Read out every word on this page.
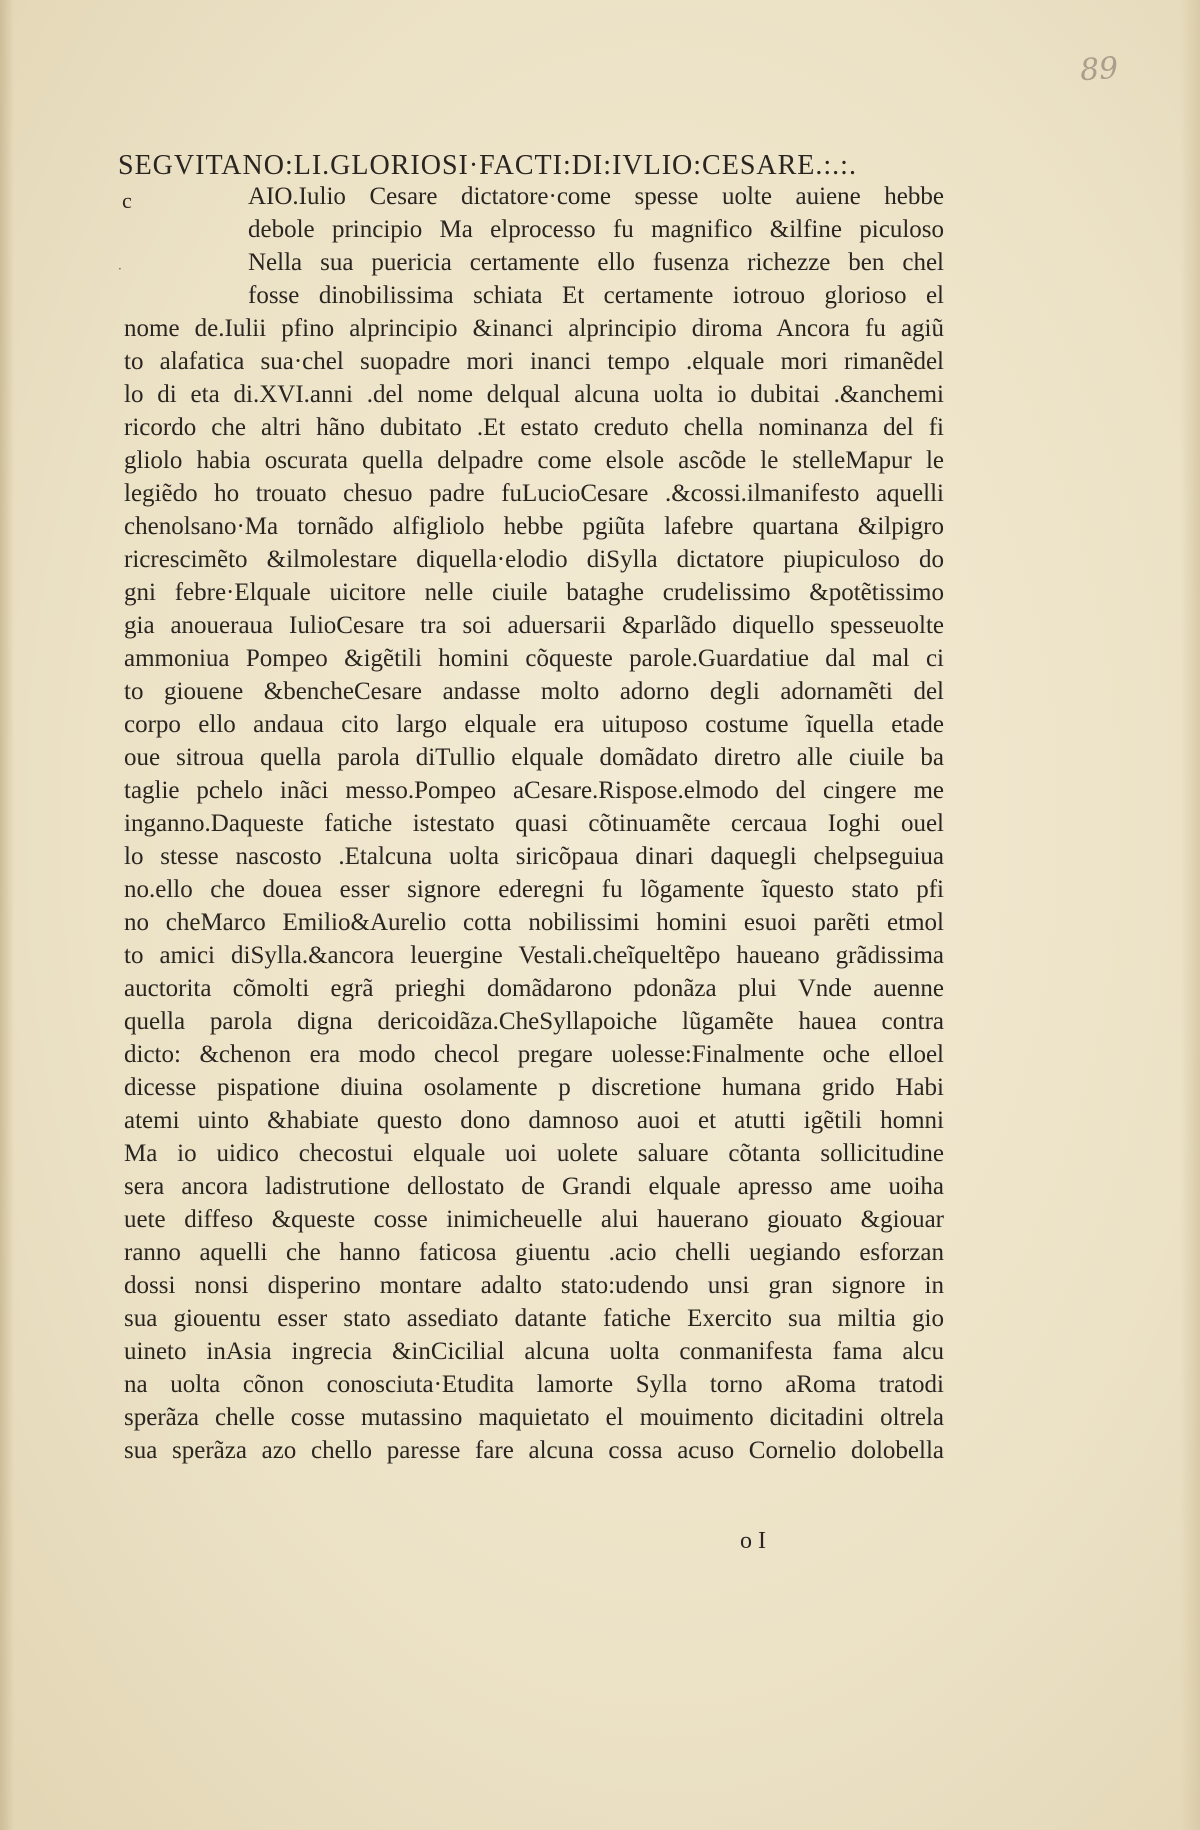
89
SEGVITANO:LI.GLORIOSI·FACTI:DI:IVLIO:CESARE.:.:.
c
·
AIO.Iulio Cesare dictatore·come spesse uolte auiene hebbe
debole principio Ma elprocesso fu magnifico &ilfine piculoso
Nella sua puericia certamente ello fusenza richezze ben chel
fosse dinobilissima schiata Et certamente iotrouo glorioso el
nome de.Iulii pfino alprincipio &inanci alprincipio diroma Ancora fu agiũ
to alafatica sua·chel suopadre mori inanci tempo .elquale mori rimanẽdel
lo di eta di.XVI.anni .del nome delqual alcuna uolta io dubitai .&anchemi
ricordo che altri hãno dubitato .Et estato creduto chella nominanza del fi
gliolo habia oscurata quella delpadre come elsole ascõde le stelleMapur le
legiẽdo ho trouato chesuo padre fuLucioCesare .&cossi.ilmanifesto aquelli
chenolsano·Ma tornãdo alfigliolo hebbe pgiũta lafebre quartana &ilpigro
ricrescimẽto &ilmolestare diquella·elodio diSylla dictatore piupiculoso do
gni febre·Elquale uicitore nelle ciuile bataghe crudelissimo &potẽtissimo
gia anoueraua IulioCesare tra soi aduersarii &parlãdo diquello spesseuolte
ammoniua Pompeo &igẽtili homini cõqueste parole.Guardatiue dal mal ci
to giouene &bencheCesare andasse molto adorno degli adornamẽti del
corpo ello andaua cito largo elquale era uituposo costume ĩquella etade
oue sitroua quella parola diTullio elquale domãdato diretro alle ciuile ba
taglie pchelo inãci messo.Pompeo aCesare.Rispose.elmodo del cingere me
inganno.Daqueste fatiche istestato quasi cõtinuamẽte cercaua Ioghi ouel
lo stesse nascosto .Etalcuna uolta siricõpaua dinari daquegli chelpseguiua
no.ello che douea esser signore ederegni fu lõgamente ĩquesto stato pfi
no cheMarco Emilio&Aurelio cotta nobilissimi homini esuoi parẽti etmol
to amici diSylla.&ancora leuergine Vestali.cheĩqueltẽpo haueano grãdissima
auctorita cõmolti egrã prieghi domãdarono pdonãza plui Vnde auenne
quella parola digna dericoidãza.CheSyllapoiche lũgamẽte hauea contra
dicto: &chenon era modo checol pregare uolesse:Finalmente oche elloel
dicesse pispatione diuina osolamente p discretione humana grido Habi
atemi uinto &habiate questo dono damnoso auoi et atutti igẽtili homni
Ma io uidico checostui elquale uoi uolete saluare cõtanta sollicitudine
sera ancora ladistrutione dellostato de Grandi elquale apresso ame uoiha
uete diffeso &queste cosse inimicheuelle alui hauerano giouato &giouar
ranno aquelli che hanno faticosa giuentu .acio chelli uegiando esforzan
dossi nonsi disperino montare adalto stato:udendo unsi gran signore in
sua giouentu esser stato assediato datante fatiche Exercito sua miltia gio
uineto inAsia ingrecia &inCicilial alcuna uolta conmanifesta fama alcu
na uolta cõnon conosciuta·Etudita lamorte Sylla torno aRoma tratodi
sperãza chelle cosse mutassino maquietato el mouimento dicitadini oltrela
sua sperãza azo chello paresse fare alcuna cossa acuso Cornelio dolobella
o I
